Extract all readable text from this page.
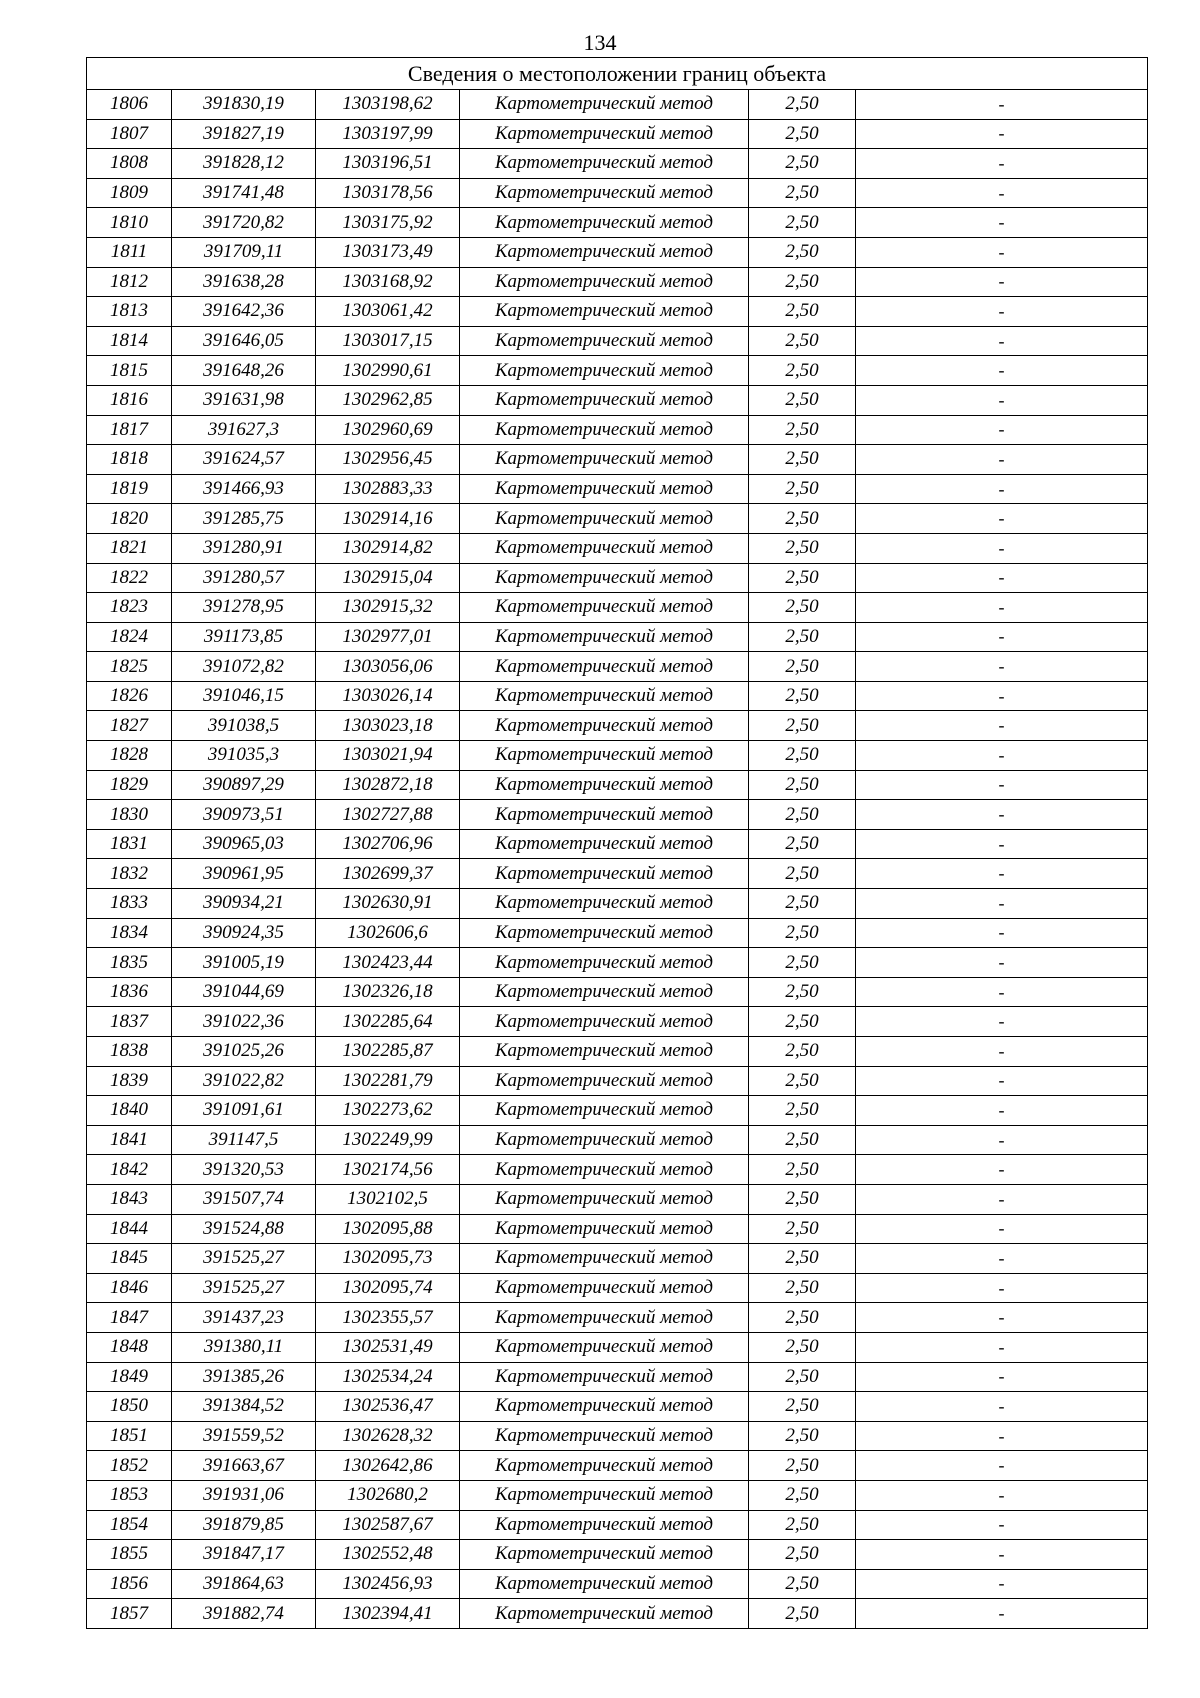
134
Сведения о местоположении границ объекта					
1806	391830,19	1303198,62	Картометрический метод	2,50	-
1807	391827,19	1303197,99	Картометрический метод	2,50	-
1808	391828,12	1303196,51	Картометрический метод	2,50	-
1809	391741,48	1303178,56	Картометрический метод	2,50	-
1810	391720,82	1303175,92	Картометрический метод	2,50	-
1811	391709,11	1303173,49	Картометрический метод	2,50	-
1812	391638,28	1303168,92	Картометрический метод	2,50	-
1813	391642,36	1303061,42	Картометрический метод	2,50	-
1814	391646,05	1303017,15	Картометрический метод	2,50	-
1815	391648,26	1302990,61	Картометрический метод	2,50	-
1816	391631,98	1302962,85	Картометрический метод	2,50	-
1817	391627,3	1302960,69	Картометрический метод	2,50	-
1818	391624,57	1302956,45	Картометрический метод	2,50	-
1819	391466,93	1302883,33	Картометрический метод	2,50	-
1820	391285,75	1302914,16	Картометрический метод	2,50	-
1821	391280,91	1302914,82	Картометрический метод	2,50	-
1822	391280,57	1302915,04	Картометрический метод	2,50	-
1823	391278,95	1302915,32	Картометрический метод	2,50	-
1824	391173,85	1302977,01	Картометрический метод	2,50	-
1825	391072,82	1303056,06	Картометрический метод	2,50	-
1826	391046,15	1303026,14	Картометрический метод	2,50	-
1827	391038,5	1303023,18	Картометрический метод	2,50	-
1828	391035,3	1303021,94	Картометрический метод	2,50	-
1829	390897,29	1302872,18	Картометрический метод	2,50	-
1830	390973,51	1302727,88	Картометрический метод	2,50	-
1831	390965,03	1302706,96	Картометрический метод	2,50	-
1832	390961,95	1302699,37	Картометрический метод	2,50	-
1833	390934,21	1302630,91	Картометрический метод	2,50	-
1834	390924,35	1302606,6	Картометрический метод	2,50	-
1835	391005,19	1302423,44	Картометрический метод	2,50	-
1836	391044,69	1302326,18	Картометрический метод	2,50	-
1837	391022,36	1302285,64	Картометрический метод	2,50	-
1838	391025,26	1302285,87	Картометрический метод	2,50	-
1839	391022,82	1302281,79	Картометрический метод	2,50	-
1840	391091,61	1302273,62	Картометрический метод	2,50	-
1841	391147,5	1302249,99	Картометрический метод	2,50	-
1842	391320,53	1302174,56	Картометрический метод	2,50	-
1843	391507,74	1302102,5	Картометрический метод	2,50	-
1844	391524,88	1302095,88	Картометрический метод	2,50	-
1845	391525,27	1302095,73	Картометрический метод	2,50	-
1846	391525,27	1302095,74	Картометрический метод	2,50	-
1847	391437,23	1302355,57	Картометрический метод	2,50	-
1848	391380,11	1302531,49	Картометрический метод	2,50	-
1849	391385,26	1302534,24	Картометрический метод	2,50	-
1850	391384,52	1302536,47	Картометрический метод	2,50	-
1851	391559,52	1302628,32	Картометрический метод	2,50	-
1852	391663,67	1302642,86	Картометрический метод	2,50	-
1853	391931,06	1302680,2	Картометрический метод	2,50	-
1854	391879,85	1302587,67	Картометрический метод	2,50	-
1855	391847,17	1302552,48	Картометрический метод	2,50	-
1856	391864,63	1302456,93	Картометрический метод	2,50	-
1857	391882,74	1302394,41	Картометрический метод	2,50	-
